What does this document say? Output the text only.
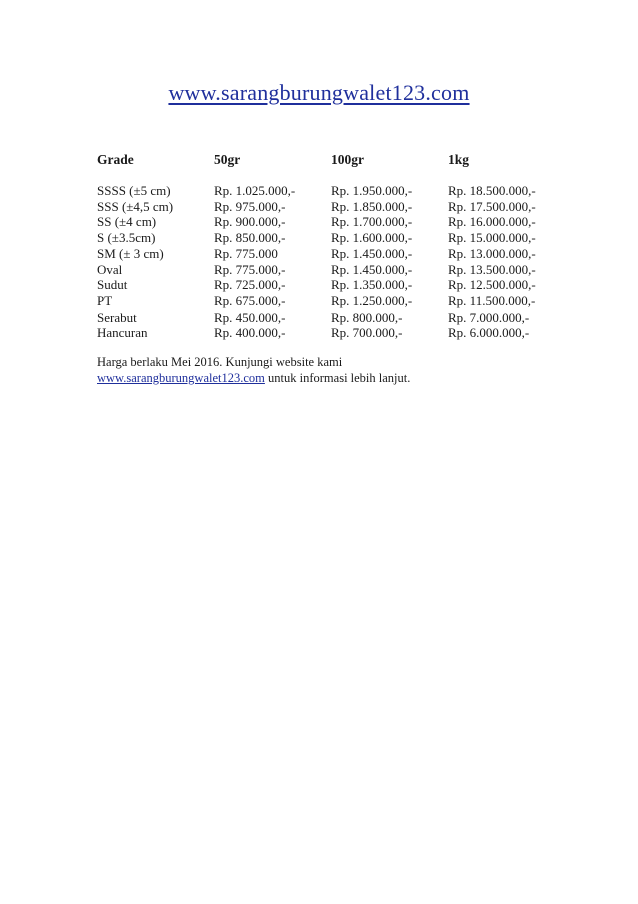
www.sarangburungwalet123.com
Grade	50gr	100gr	1kg

SSSS (±5 cm)	Rp. 1.025.000,-	Rp. 1.950.000,-	Rp. 18.500.000,-
SSS (±4,5 cm)	Rp. 975.000,-	Rp. 1.850.000,-	Rp. 17.500.000,-
SS (±4 cm)	Rp. 900.000,-	Rp. 1.700.000,-	Rp. 16.000.000,-
S (±3.5cm)	Rp. 850.000,-	Rp. 1.600.000,-	Rp. 15.000.000,-
SM (± 3 cm)	Rp. 775.000	Rp. 1.450.000,-	Rp. 13.000.000,-
Oval	Rp. 775.000,-	Rp. 1.450.000,-	Rp. 13.500.000,-
Sudut	Rp. 725.000,-	Rp. 1.350.000,-	Rp. 12.500.000,-
PT	Rp. 675.000,-	Rp. 1.250.000,-	Rp. 11.500.000,-
Serabut	Rp. 450.000,-	Rp. 800.000,-	Rp. 7.000.000,-
Hancuran	Rp. 400.000,-	Rp. 700.000,-	Rp. 6.000.000,-
Harga berlaku Mei 2016. Kunjungi website kami
www.sarangburungwalet123.com untuk informasi lebih lanjut.
